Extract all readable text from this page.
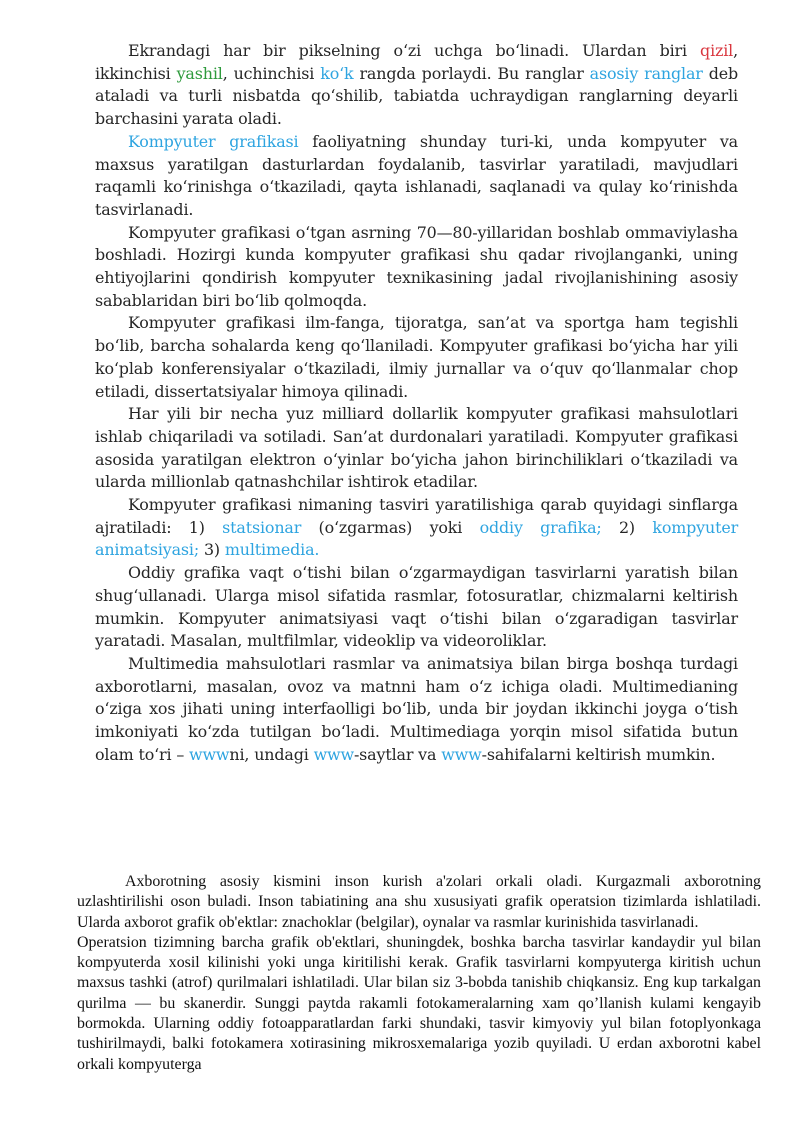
Ekrandagi har bir pikselning o‘zi uchga bo‘linadi. Ulardan biri qizil, ikkinchisi yashil, uchinchisi ko‘k rangda porlaydi. Bu ranglar asosiy ranglar deb ataladi va turli nisbatda qo‘shilib, tabiatda uchraydigan ranglarning deyarli barchasini yarata oladi.

Kompyuter grafikasi faoliyatning shunday turi-ki, unda kompyuter va maxsus yaratilgan dasturlardan foydalanib, tasvirlar yaratiladi, mavjudlari raqamli ko‘rinishga o‘tkaziladi, qayta ishlanadi, saqlanadi va qulay ko‘rinishda tasvirlanadi.

Kompyuter grafikasi o‘tgan asrning 70—80-yillaridan boshlab ommaviylasha boshladi. Hozirgi kunda kompyuter grafikasi shu qadar rivojlanganki, uning ehtiyojlarini qondirish kompyuter texnikasining jadal rivojlanishining asosiy sabablaridan biri bo‘lib qolmoqda.

Kompyuter grafikasi ilm-fanga, tijoratga, san’at va sportga ham tegishli bo‘lib, barcha sohalarda keng qo‘llaniladi. Kompyuter grafikasi bo‘yicha har yili ko‘plab konferensiyalar o‘tkaziladi, ilmiy jurnallar va o‘quv qo‘llanmalar chop etiladi, dissertatsiyalar himoya qilinadi.

Har yili bir necha yuz milliard dollarlik kompyuter grafikasi mahsulotlari ishlab chiqariladi va sotiladi. San’at durdonalari yaratiladi. Kompyuter grafikasi asosida yaratilgan elektron o‘yinlar bo‘yicha jahon birinchiliklari o‘tkaziladi va ularda millionlab qatnashchilar ishtirok etadilar.

Kompyuter grafikasi nimaning tasviri yaratilishiga qarab quyidagi sinflarga ajratiladi: 1) statsionar (o‘zgarmas) yoki oddiy grafika; 2) kompyuter animatsiyasi; 3) multimedia.

Oddiy grafika vaqt o‘tishi bilan o‘zgarmaydigan tasvirlarni yaratish bilan shug‘ullanadi. Ularga misol sifatida rasmlar, fotosuratlar, chizmalarni keltirish mumkin. Kompyuter animatsiyasi vaqt o‘tishi bilan o‘zgaradigan tasvirlar yaratadi. Masalan, multfilmlar, videoklip va videoroliklar.

Multimedia mahsulotlari rasmlar va animatsiya bilan birga boshqa turdagi axborotlarni, masalan, ovoz va matnni ham o‘z ichiga oladi. Multimedianing o‘ziga xos jihati uning interfaolligi bo‘lib, unda bir joydan ikkinchi joyga o‘tish imkoniyati ko‘zda tutilgan bo‘ladi. Multimediaga yorqin misol sifatida butun olam to‘ri – wwwni, undagi www-saytlar va www-sahifalarni keltirish mumkin.

Axborotning asosiy kismini inson kurish a'zolari orkali oladi. Kurgazmali axborotning uzlashtirilishi oson buladi. Inson tabiatining ana shu xususiyati grafik operatsion tizimlarda ishlatiladi. Ularda axborot grafik ob'ektlar: znachoklar (belgilar), oynalar va rasmlar kurinishida tasvirlanadi.

Operatsion tizimning barcha grafik ob'ektlari, shuningdek, boshka barcha tasvirlar kandaydir yul bilan kompyuterda xosil kilinishi yoki unga kiritilishi kerak. Grafik tasvirlarni kompyuterga kiritish uchun maxsus tashki (atrof) qurilmalari ishlatiladi. Ular bilan siz 3-bobda tanishib chiqkansiz. Eng kup tarkalgan qurilma — bu skanerdir. Sunggi paytda rakamli fotokameralarning xam qo’llanish kulami kengayib bormokda. Ularning oddiy fotoapparatlardan farki shundaki, tasvir kimyoviy yul bilan fotoplyonkaga tushirilmaydi, balki fotokamera xotirasining mikrosxemalariga yozib quyiladi. U erdan axborotni kabel orkali kompyuterga
